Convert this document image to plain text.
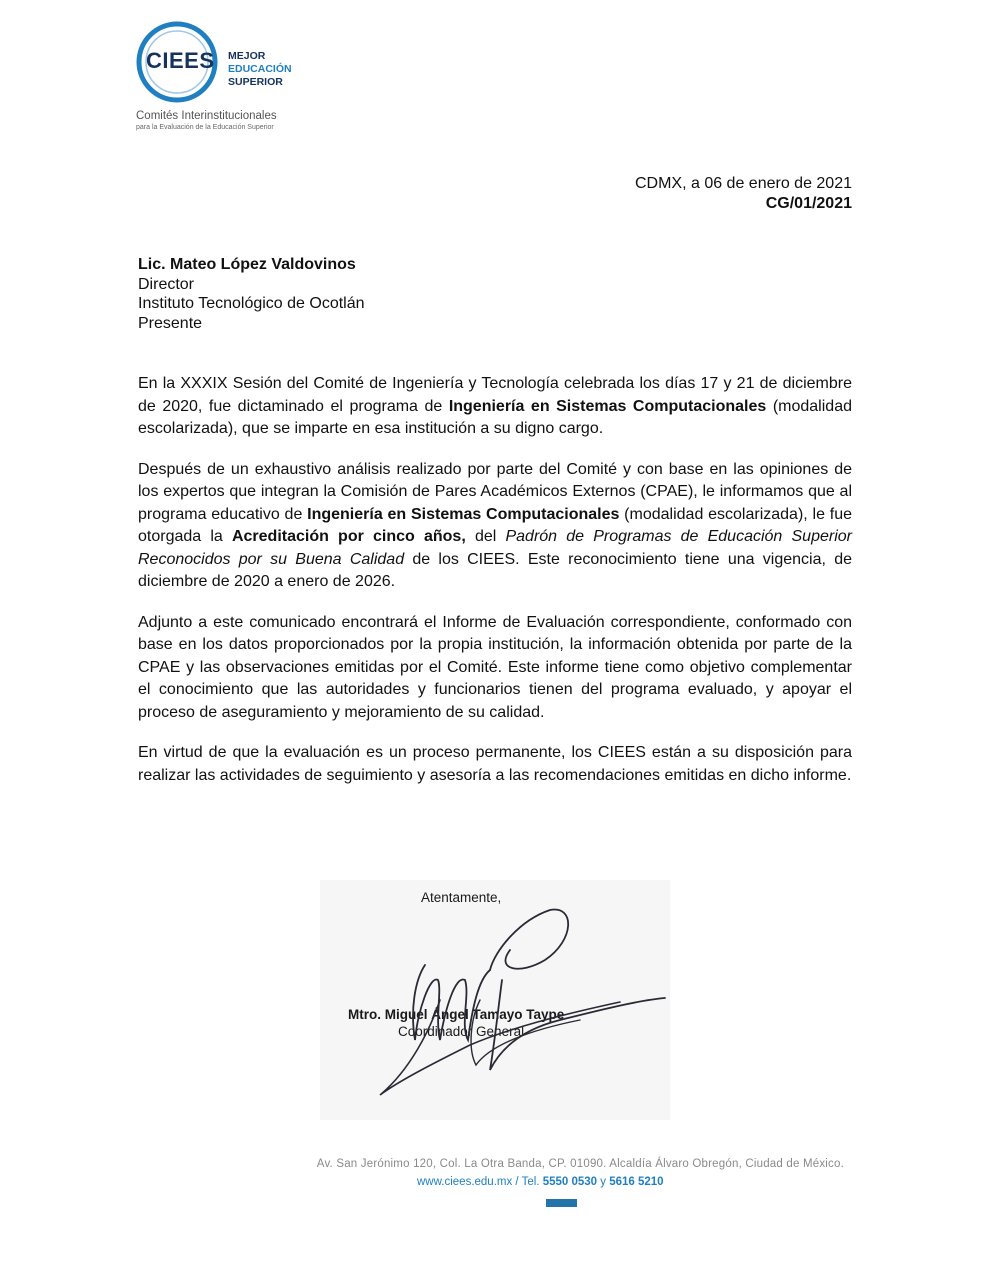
CIEES MEJOR
EDUCACIÓN
SUPERIOR
Comités Interinstitucionales
para la Evaluación de la Educación Superior
CDMX, a 06 de enero de 2021
CG/01/2021
Lic. Mateo López Valdovinos
Director
Instituto Tecnológico de Ocotlán
Presente

En la XXXIX Sesión del Comité de Ingeniería y Tecnología celebrada los días 17 y 21 de diciembre de 2020, fue dictaminado el programa de Ingeniería en Sistemas Computacionales (modalidad escolarizada), que se imparte en esa institución a su digno cargo.

Después de un exhaustivo análisis realizado por parte del Comité y con base en las opiniones de los expertos que integran la Comisión de Pares Académicos Externos (CPAE), le informamos que al programa educativo de Ingeniería en Sistemas Computacionales (modalidad escolarizada), le fue otorgada la Acreditación por cinco años, del Padrón de Programas de Educación Superior Reconocidos por su Buena Calidad de los CIEES. Este reconocimiento tiene una vigencia, de diciembre de 2020 a enero de 2026.

Adjunto a este comunicado encontrará el Informe de Evaluación correspondiente, conformado con base en los datos proporcionados por la propia institución, la información obtenida por parte de la CPAE y las observaciones emitidas por el Comité. Este informe tiene como objetivo complementar el conocimiento que las autoridades y funcionarios tienen del programa evaluado, y apoyar el proceso de aseguramiento y mejoramiento de su calidad.

En virtud de que la evaluación es un proceso permanente, los CIEES están a su disposición para realizar las actividades de seguimiento y asesoría a las recomendaciones emitidas en dicho informe.

Atentamente,
Mtro. Miguel Ángel Tamayo Taype
Coordinador General
Av. San Jerónimo 120, Col. La Otra Banda, CP. 01090. Alcaldía Álvaro Obregón, Ciudad de México.
www.ciees.edu.mx / Tel. 5550 0530 y 5616 5210
